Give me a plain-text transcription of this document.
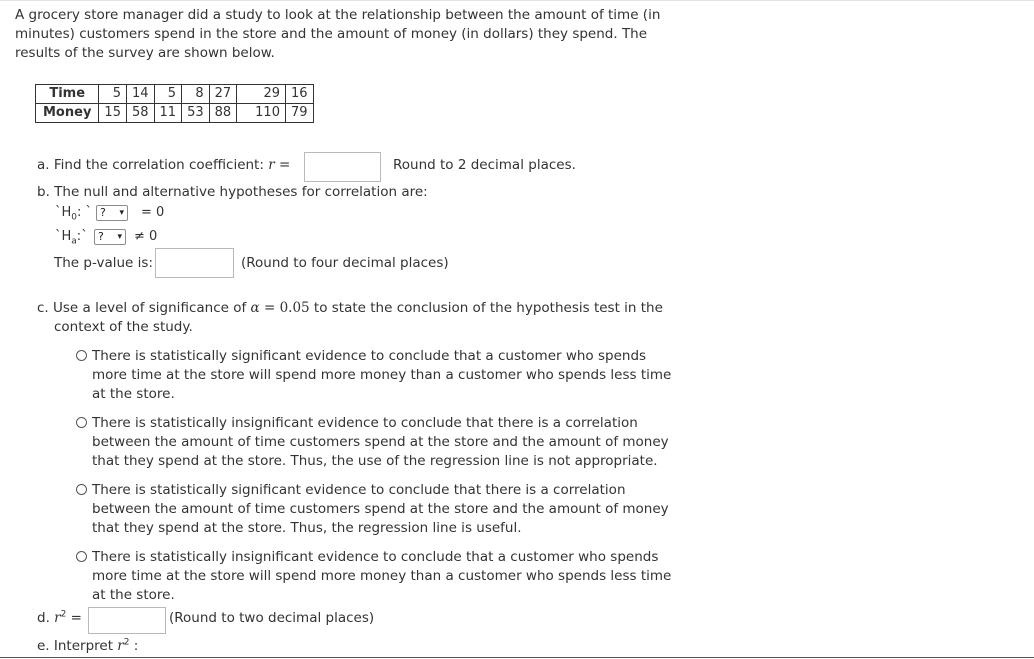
A grocery store manager did a study to look at the relationship between the amount of time (in minutes) customers spend in the store and the amount of money (in dollars) they spend. The results of the survey are shown below.
Time	5	14	5	8	27	29	16
Money	15	58	11	53	88	110	79
a. Find the correlation coefficient: r =	Round to 2 decimal places.
b. The null and alternative hypotheses for correlation are:
$`H_0$: ` ? ▾ = 0
$`H_a:`$ ? ▾ ≠ 0
The p-value is:	(Round to four decimal places)
c. Use a level of significance of α = 0.05 to state the conclusion of the hypothesis test in the
context of the study.
There is statistically significant evidence to conclude that a customer who spends more time at the store will spend more money than a customer who spends less time at the store.
There is statistically insignificant evidence to conclude that there is a correlation between the amount of time customers spend at the store and the amount of money that they spend at the store. Thus, the use of the regression line is not appropriate.
There is statistically significant evidence to conclude that there is a correlation between the amount of time customers spend at the store and the amount of money that they spend at the store. Thus, the regression line is useful.
There is statistically insignificant evidence to conclude that a customer who spends more time at the store will spend more money than a customer who spends less time at the store.
d. $r^2$ =	(Round to two decimal places)
e. Interpret $r^2$ :
